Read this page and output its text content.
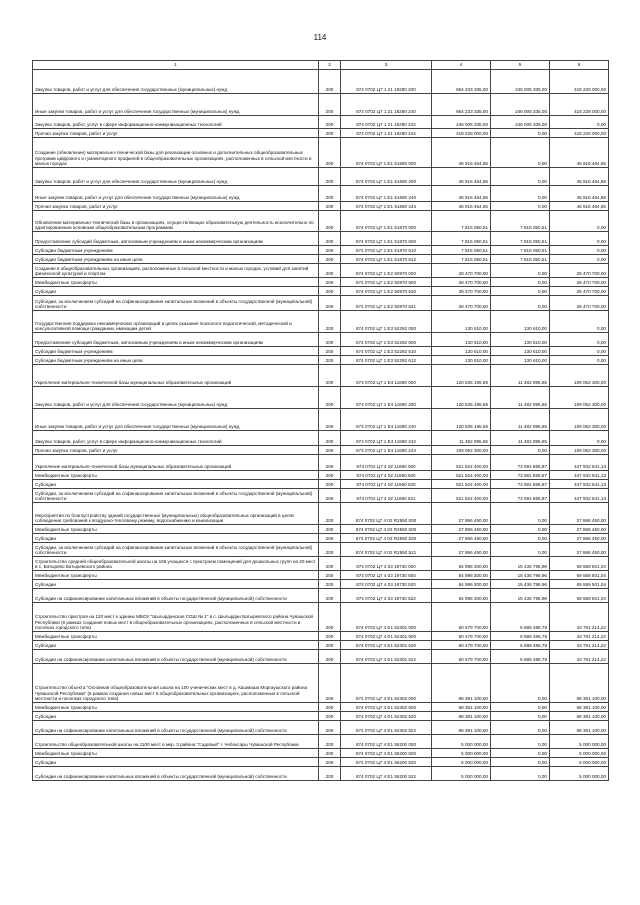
114
1	2	3	4	5	6
Закупка товаров, работ и услуг для обеспечения государственных (муниципальных) нужд	200	874 0702 Ц7 1 21 19280 200	664 233 335,00	246 005 335,00	418 228 000,00
Иные закупки товаров, работ и услуг для обеспечения государственных (муниципальных) нужд	200	874 0702 Ц7 1 21 19280 240	664 233 335,00	246 005 335,00	418 228 000,00
Закупка товаров, работ, услуг в сфере информационно-коммуникационных технологий	200	874 0702 Ц7 1 21 19280 242	246 005 335,00	246 005 335,00	0,00
Прочая закупка товаров, работ и услуг	200	874 0702 Ц7 1 21 19280 244	418 228 000,00	0,00	418 228 000,00
Создание (обновление) материально-технической базы для реализации основных и дополнительных общеобразовательных программ цифрового и гуманитарного профилей в общеобразовательных организациях, расположенных в сельской местности и малых городах	200	874 0702 Ц7 1 E1 51690 000	46 916 464,65	0,00	46 916 464,65
Закупка товаров, работ и услуг для обеспечения государственных (муниципальных) нужд	200	874 0702 Ц7 1 E1 51690 200	46 916 464,65	0,00	46 916 464,65
Иные закупки товаров, работ и услуг для обеспечения государственных (муниципальных) нужд	200	874 0702 Ц7 1 E1 51690 240	46 916 464,65	0,00	46 916 464,65
Прочая закупка товаров, работ и услуг	200	874 0702 Ц7 1 E1 51690 244	46 916 464,65	0,00	46 916 464,65
Обновление материально-технической базы в организациях, осуществляющих образовательную деятельность исключительно по адаптированным основным общеобразовательным программам	200	874 0702 Ц7 1 E1 51870 000	7 815 050,51	7 815 050,51	0,00
Предоставление субсидий бюджетным, автономным учреждениям и иным некоммерческим организациям	200	874 0702 Ц7 1 E1 51870 600	7 815 050,51	7 815 050,51	0,00
Субсидии бюджетным учреждениям	200	874 0702 Ц7 1 E1 51870 610	7 815 050,51	7 815 050,51	0,00
Субсидии бюджетным учреждениям на иные цели	200	874 0702 Ц7 1 E1 51870 612	7 815 050,51	7 815 050,51	0,00
Создание в общеобразовательных организациях, расположенных в сельской местности и малых городах, условий для занятий физической культурой и спортом	200	874 0702 Ц7 1 E2 50970 000	28 470 700,00	0,00	28 470 700,00
Межбюджетные трансферты	200	874 0702 Ц7 1 E2 50970 500	28 470 700,00	0,00	28 470 700,00
Субсидии	200	874 0702 Ц7 1 E2 50970 520	28 470 700,00	0,00	28 470 700,00
Субсидии, за исключением субсидий на софинансирование капитальных вложений в объекты государственной (муниципальной) собственности	200	874 0702 Ц7 1 E2 50970 521	28 470 700,00	0,00	28 470 700,00
Государственная поддержка некоммерческих организаций в целях оказания психолого-педагогической, методической и консультативной помощи гражданам, имеющим детей	200	874 0702 Ц7 1 E3 52292 000	130 610,00	130 610,00	0,00
Предоставление субсидий бюджетным, автономным учреждениям и иным некоммерческим организациям	200	874 0702 Ц7 1 E3 52292 600	130 610,00	130 610,00	0,00
Субсидии бюджетным учреждениям	200	874 0702 Ц7 1 E3 52292 610	130 610,00	130 610,00	0,00
Субсидии бюджетным учреждениям на иные цели	200	874 0702 Ц7 1 E3 52292 612	130 610,00	130 610,00	0,00
Укрепление материально-технической базы муниципальных образовательных организаций	200	874 0702 Ц7 1 E4 11680 000	120 535 195,65	11 482 895,65	109 052 300,00
Закупка товаров, работ и услуг для обеспечения государственных (муниципальных) нужд	200	874 0702 Ц7 1 E4 11680 200	120 535 195,65	11 482 895,65	109 052 300,00
Иные закупки товаров, работ и услуг для обеспечения государственных (муниципальных) нужд	200	874 0702 Ц7 1 E4 11680 240	120 535 195,65	11 482 895,65	109 052 300,00
Закупка товаров, работ, услуг в сфере информационно-коммуникационных технологий	200	874 0702 Ц7 1 E4 11680 242	11 482 895,65	11 482 895,65	0,00
Прочая закупка товаров, работ и услуг	200	874 0702 Ц7 1 E4 11680 244	109 052 300,00	0,00	109 052 300,00
Укрепление материально-технической базы муниципальных образовательных организаций	200	874 0702 Ц7 4 02 11660 000	521 524 400,00	73 591 858,87	447 932 541,13
Межбюджетные трансферты	200	874 0702 Ц7 4 02 11660 500	521 524 400,00	73 591 858,87	447 932 541,13
Субсидии	200	874 0702 Ц7 4 02 11660 520	521 524 400,00	73 591 858,87	447 932 541,13
Субсидии, за исключением субсидий на софинансирование капитальных вложений в объекты государственной (муниципальной) собственности	200	874 0702 Ц7 4 02 11660 521	521 524 400,00	73 591 858,87	447 932 541,13
Мероприятия по благоустройству зданий государственных (муниципальных) общеобразовательных организаций в целях соблюдения требований к воздушно-тепловому режиму, водоснабжению и канализации	200	874 0702 Ц7 4 02 R2550 000	27 866 450,00	0,00	27 866 450,00
Межбюджетные трансферты	200	874 0702 Ц7 4 02 R2550 500	27 866 450,00	0,00	27 866 450,00
Субсидии	200	874 0702 Ц7 4 02 R2550 520	27 866 450,00	0,00	27 866 450,00
Субсидии, за исключением субсидий на софинансирование капитальных вложений в объекты государственной (муниципальной) собственности	200	874 0702 Ц7 4 02 R2550 521	27 866 450,00	0,00	27 866 450,00
Строительство средней общеобразовательной школы на 165 учащихся с пристроем помещений для дошкольных групп на 40 мест в с. Батырево Батыревского района	200	874 0702 Ц7 4 03 19730 000	84 996 300,00	15 436 798,96	69 559 501,04
Межбюджетные трансферты	200	874 0702 Ц7 4 03 19730 500	84 996 300,00	15 436 798,96	69 559 501,04
Субсидии	200	874 0702 Ц7 4 03 19730 520	84 996 300,00	15 436 798,96	69 559 501,04
Субсидии на софинансирование капитальных вложений в объекты государственной (муниципальной) собственности	200	874 0702 Ц7 4 03 19730 522	84 996 300,00	15 436 798,96	69 559 501,04
Строительство пристроя на 120 мест к зданию МБОУ "Шыгырданская СОШ № 1" в с. Шыгырдан Батыревского района Чувашской Республики (в рамках создания новых мест в общеобразовательных организациях, расположенных в сельской местности и поселках городского типа)	200	874 0702 Ц7 4 E1 52301 000	50 479 700,00	6 688 485,78	43 791 214,22
Межбюджетные трансферты	200	874 0702 Ц7 4 E1 52301 500	50 479 700,00	6 688 485,78	43 791 214,22
Субсидии	200	874 0702 Ц7 4 E1 52301 520	50 479 700,00	6 688 485,78	43 791 214,22
Субсидии на софинансирование капитальных вложений в объекты государственной (муниципальной) собственности	200	874 0702 Ц7 4 E1 52301 522	50 479 700,00	6 688 485,78	43 791 214,22
Строительство объекта "Основная общеобразовательная школа на 100 ученических мест в д. Кашмаши Моргаушского района Чувашской Республики" (в рамках создания новых мест в общеобразовательных организациях, расположенных в сельской местности и поселках городского типа)	200	874 0702 Ц7 4 E1 52302 000	68 381 100,00	0,00	68 381 100,00
Межбюджетные трансферты	200	874 0702 Ц7 4 E1 52302 500	68 381 100,00	0,00	68 381 100,00
Субсидии	200	874 0702 Ц7 4 E1 52302 520	68 381 100,00	0,00	68 381 100,00
Субсидии на софинансирование капитальных вложений в объекты государственной (муниципальной) собственности	200	874 0702 Ц7 4 E1 52302 522	68 381 100,00	0,00	68 381 100,00
Строительство общеобразовательной школы на 1100 мест в мкр. 3 района "Садовый" г. Чебоксары Чувашской Республики	200	874 0702 Ц7 4 E1 55200 000	5 000 000,00	0,00	5 000 000,00
Межбюджетные трансферты	200	874 0702 Ц7 4 E1 55200 500	5 000 000,00	0,00	5 000 000,00
Субсидии	200	874 0702 Ц7 4 E1 55200 520	5 000 000,00	0,00	5 000 000,00
Субсидии на софинансирование капитальных вложений в объекты государственной (муниципальной) собственности	200	874 0702 Ц7 4 E1 55200 522	5 000 000,00	0,00	5 000 000,00
